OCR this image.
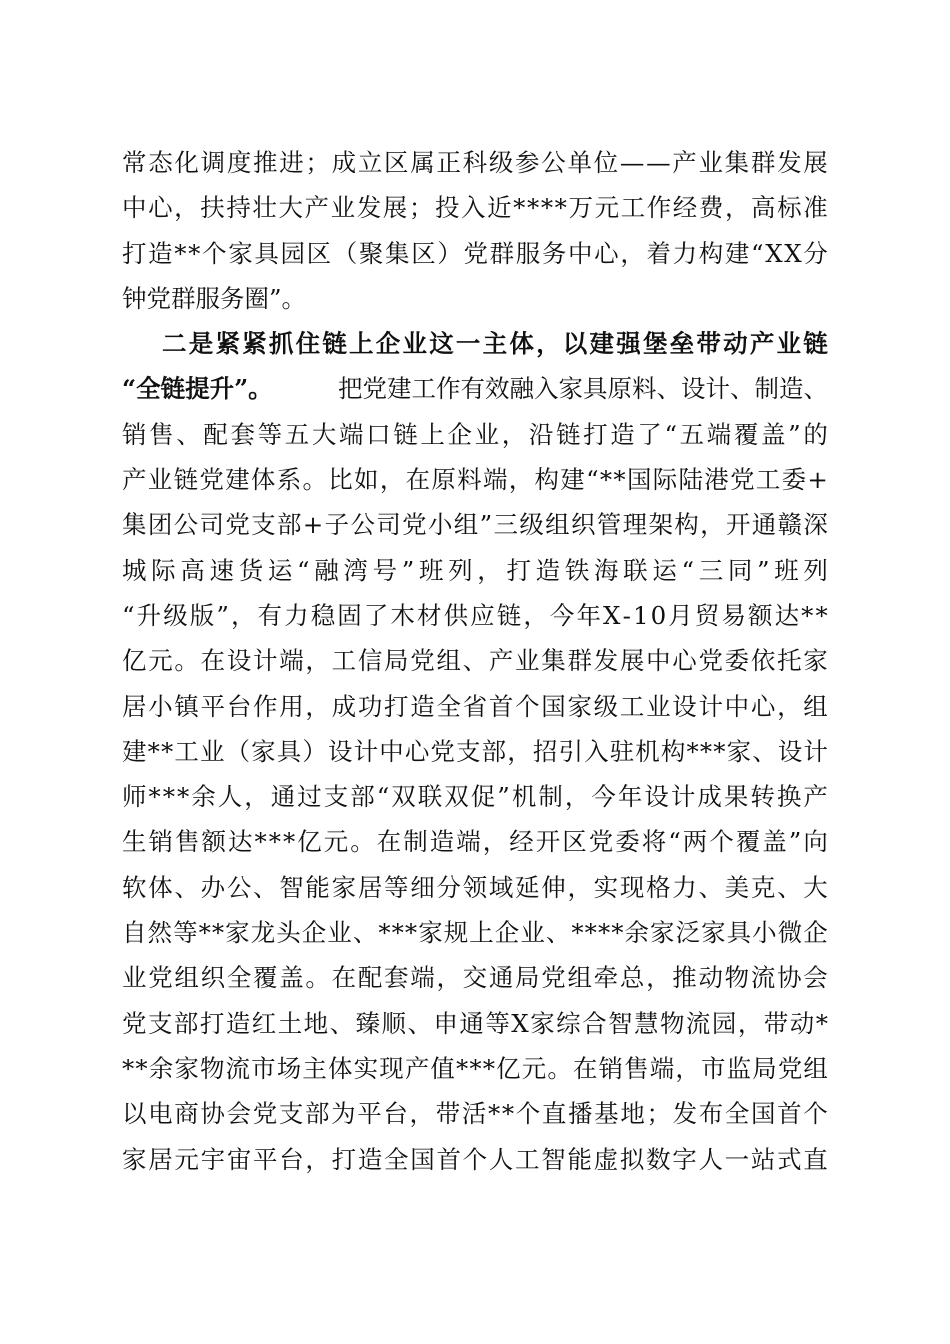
常 态 化 调 度 推 进 ； 成 立 区 属 正 科 级 参 公 单 位 — — 产 业 集 群 发 展
中 心 ， 扶 持 壮 大 产 业 发 展 ； 投 入 近 * * * * 万 元 工 作 经 费 ， 高 标 准
打 造 * * 个 家 具 园 区 （ 聚 集 区 ） 党 群 服 务 中 心 ， 着 力 构 建 “ X X 分
钟党群服务圈”。
二 是 紧 紧 抓 住 链 上 企 业 这 一 主 体 ， 以 建 强 堡 垒 带 动 产 业 链
“全链提升”。	把党建工作有效融入家具原料、设计、制造、
销 售 、 配 套 等 五 大 端 口 链 上 企 业 ， 沿 链 打 造 了 “ 五 端 覆 盖 ” 的
产 业 链 党 建 体 系 。 比 如 ， 在 原 料 端 ， 构 建 “ * * 国 际 陆 港 党 工 委 +
集 团 公 司 党 支 部 + 子 公 司 党 小 组 ” 三 级 组 织 管 理 架 构 ， 开 通 赣 深
城 际 高 速 货 运 “ 融 湾 号 ” 班 列 ， 打 造 铁 海 联 运 “ 三 同 ” 班 列
“ 升 级 版 ” ， 有 力 稳 固 了 木 材 供 应 链 ， 今 年 X - 1 0 月 贸 易 额 达 * *
亿 元 。 在 设 计 端 ， 工 信 局 党 组 、 产 业 集 群 发 展 中 心 党 委 依 托 家
居 小 镇 平 台 作 用 ， 成 功 打 造 全 省 首 个 国 家 级 工 业 设 计 中 心 ， 组
建 * * 工 业 （ 家 具 ） 设 计 中 心 党 支 部 ， 招 引 入 驻 机 构 * * * 家 、 设 计
师 * * * 余 人 ， 通 过 支 部 “ 双 联 双 促 ” 机 制 ， 今 年 设 计 成 果 转 换 产
生 销 售 额 达 * * * 亿 元 。 在 制 造 端 ， 经 开 区 党 委 将 “ 两 个 覆 盖 ” 向
软 体 、 办 公 、 智 能 家 居 等 细 分 领 域 延 伸 ， 实 现 格 力 、 美 克 、 大
自 然 等 * * 家 龙 头 企 业 、 * * * 家 规 上 企 业 、 * * * * 余 家 泛 家 具 小 微 企
业 党 组 织 全 覆 盖 。 在 配 套 端 ， 交 通 局 党 组 牵 总 ， 推 动 物 流 协 会
党 支 部 打 造 红 土 地 、 臻 顺 、 申 通 等 X 家 综 合 智 慧 物 流 园 ， 带 动 *
* * 余 家 物 流 市 场 主 体 实 现 产 值 * * * 亿 元 。 在 销 售 端 ， 市 监 局 党 组
以 电 商 协 会 党 支 部 为 平 台 ， 带 活 * * 个 直 播 基 地 ； 发 布 全 国 首 个
家 居 元 宇 宙 平 台 ， 打 造 全 国 首 个 人 工 智 能 虚 拟 数 字 人 一 站 式 直
